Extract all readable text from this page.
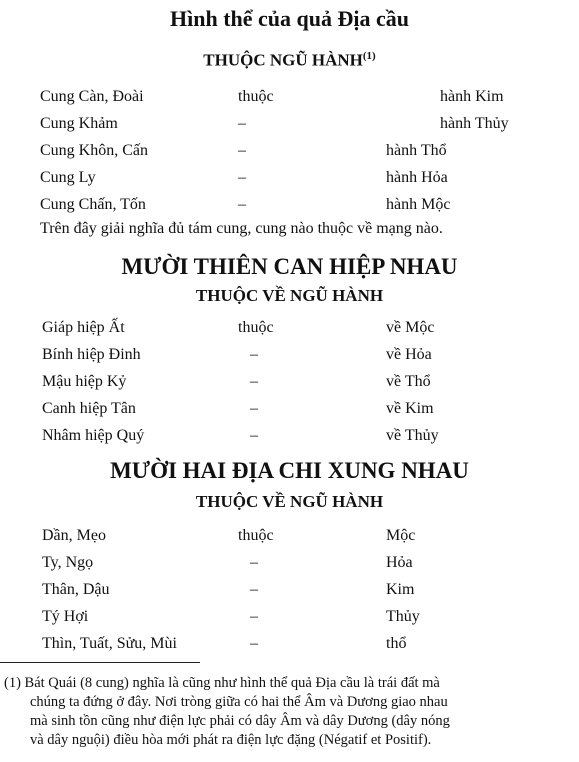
Hình thể của quả Địa cầu
THUỘC NGŨ HÀNH$^{(1)}$
Cung Càn, Đoài	thuộc	hành Kim
Cung Khảm	–	hành Thủy
Cung Khôn, Cấn	–	hành Thổ
Cung Ly	–	hành Hỏa
Cung Chấn, Tốn	–	hành Mộc
Trên đây giải nghĩa đủ tám cung, cung nào thuộc về mạng nào.
MƯỜI THIÊN CAN HIỆP NHAU
THUỘC VỀ NGŨ HÀNH
Giáp hiệp Ất	thuộc	về Mộc
Bính hiệp Đinh	–	về Hỏa
Mậu hiệp Kỷ	–	về Thổ
Canh hiệp Tân	–	về Kim
Nhâm hiệp Quý	–	về Thủy
MƯỜI HAI ĐỊA CHI XUNG NHAU
THUỘC VỀ NGŨ HÀNH
Dần, Mẹo	thuộc	Mộc
Ty, Ngọ	–	Hỏa
Thân, Dậu	–	Kim
Tý Hợi	–	Thủy
Thìn, Tuất, Sửu, Mùi	–	thổ
(1) Bát Quái (8 cung) nghĩa là cũng như hình thể quả Địa cầu là trái đất mà
chúng ta đứng ở đây. Nơi tròng giữa có hai thể Âm và Dương giao nhau
mà sinh tồn cũng như điện lực phải có dây Âm và dây Dương (dây nóng
và dây nguội) điều hòa mới phát ra điện lực đặng (Négatif et Positif).
